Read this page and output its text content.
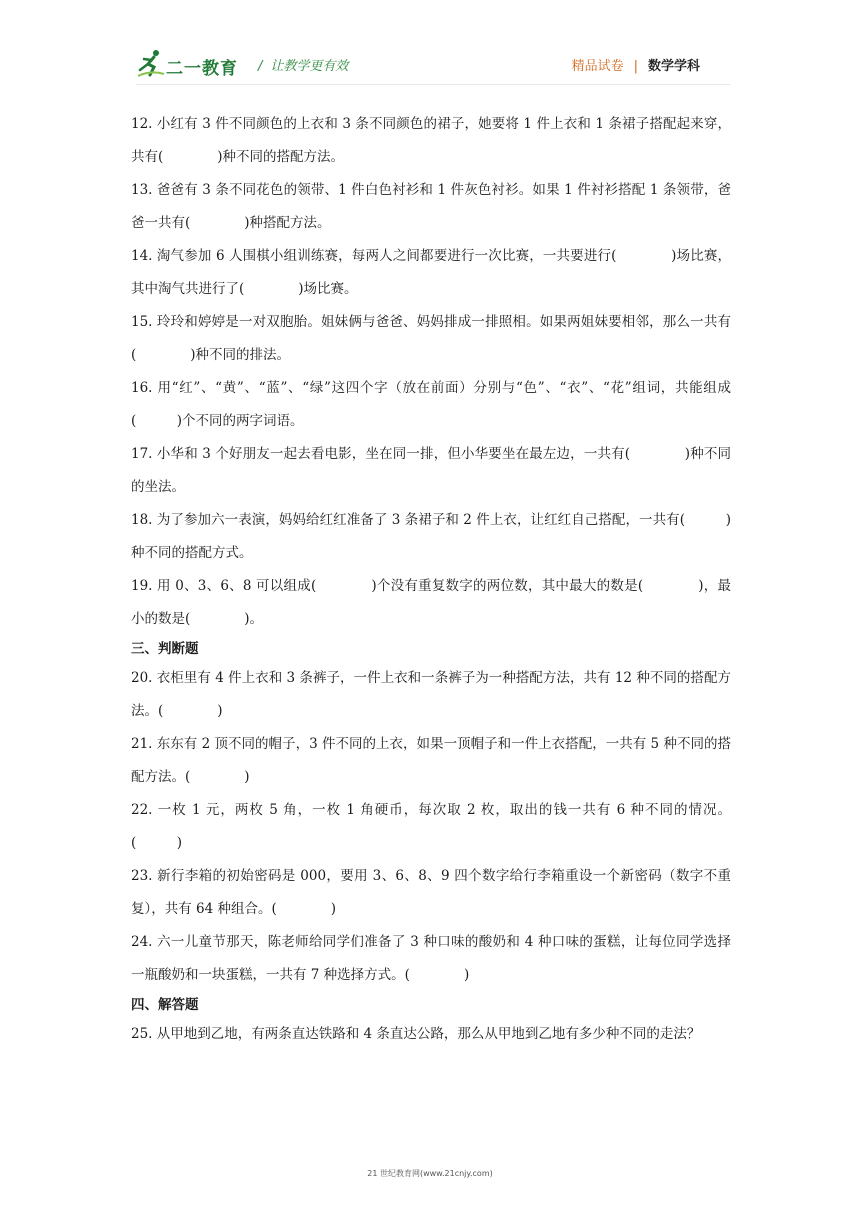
二一教育 / 让教学更有效	精品试卷 | 数学学科

12. 小红有 3 件不同颜色的上衣和 3 条不同颜色的裙子，她要将 1 件上衣和 1 条裙子搭配起来穿，共有(　　　　)种不同的搭配方法。

13. 爸爸有 3 条不同花色的领带、1 件白色衬衫和 1 件灰色衬衫。如果 1 件衬衫搭配 1 条领带，爸爸一共有(　　　　)种搭配方法。

14. 淘气参加 6 人围棋小组训练赛，每两人之间都要进行一次比赛，一共要进行(　　　　)场比赛，其中淘气共进行了(　　　　)场比赛。

15. 玲玲和婷婷是一对双胞胎。姐妹俩与爸爸、妈妈排成一排照相。如果两姐妹要相邻，那么一共有(　　　　)种不同的排法。

16. 用“红”、“黄”、“蓝”、“绿”这四个字（放在前面）分别与“色”、“衣”、“花”组词，共能组成(　　　)个不同的两字词语。

17. 小华和 3 个好朋友一起去看电影，坐在同一排，但小华要坐在最左边，一共有(　　　　)种不同的坐法。

18. 为了参加六一表演，妈妈给红红准备了 3 条裙子和 2 件上衣，让红红自己搭配，一共有(　　　)种不同的搭配方式。

19. 用 0、3、6、8 可以组成(　　　　)个没有重复数字的两位数，其中最大的数是(　　　　)，最小的数是(　　　　)。

三、判断题

20. 衣柜里有 4 件上衣和 3 条裤子，一件上衣和一条裤子为一种搭配方法，共有 12 种不同的搭配方法。(　　　　)

21. 东东有 2 顶不同的帽子，3 件不同的上衣，如果一顶帽子和一件上衣搭配，一共有 5 种不同的搭配方法。(　　　　)

22. 一枚 1 元，两枚 5 角，一枚 1 角硬币，每次取 2 枚，取出的钱一共有 6 种不同的情况。(　　　)

23. 新行李箱的初始密码是 000，要用 3、6、8、9 四个数字给行李箱重设一个新密码（数字不重复），共有 64 种组合。(　　　　)

24. 六一儿童节那天，陈老师给同学们准备了 3 种口味的酸奶和 4 种口味的蛋糕，让每位同学选择一瓶酸奶和一块蛋糕，一共有 7 种选择方式。(　　　　)

四、解答题

25. 从甲地到乙地，有两条直达铁路和 4 条直达公路，那么从甲地到乙地有多少种不同的走法？

21 世纪教育网(www.21cnjy.com)
